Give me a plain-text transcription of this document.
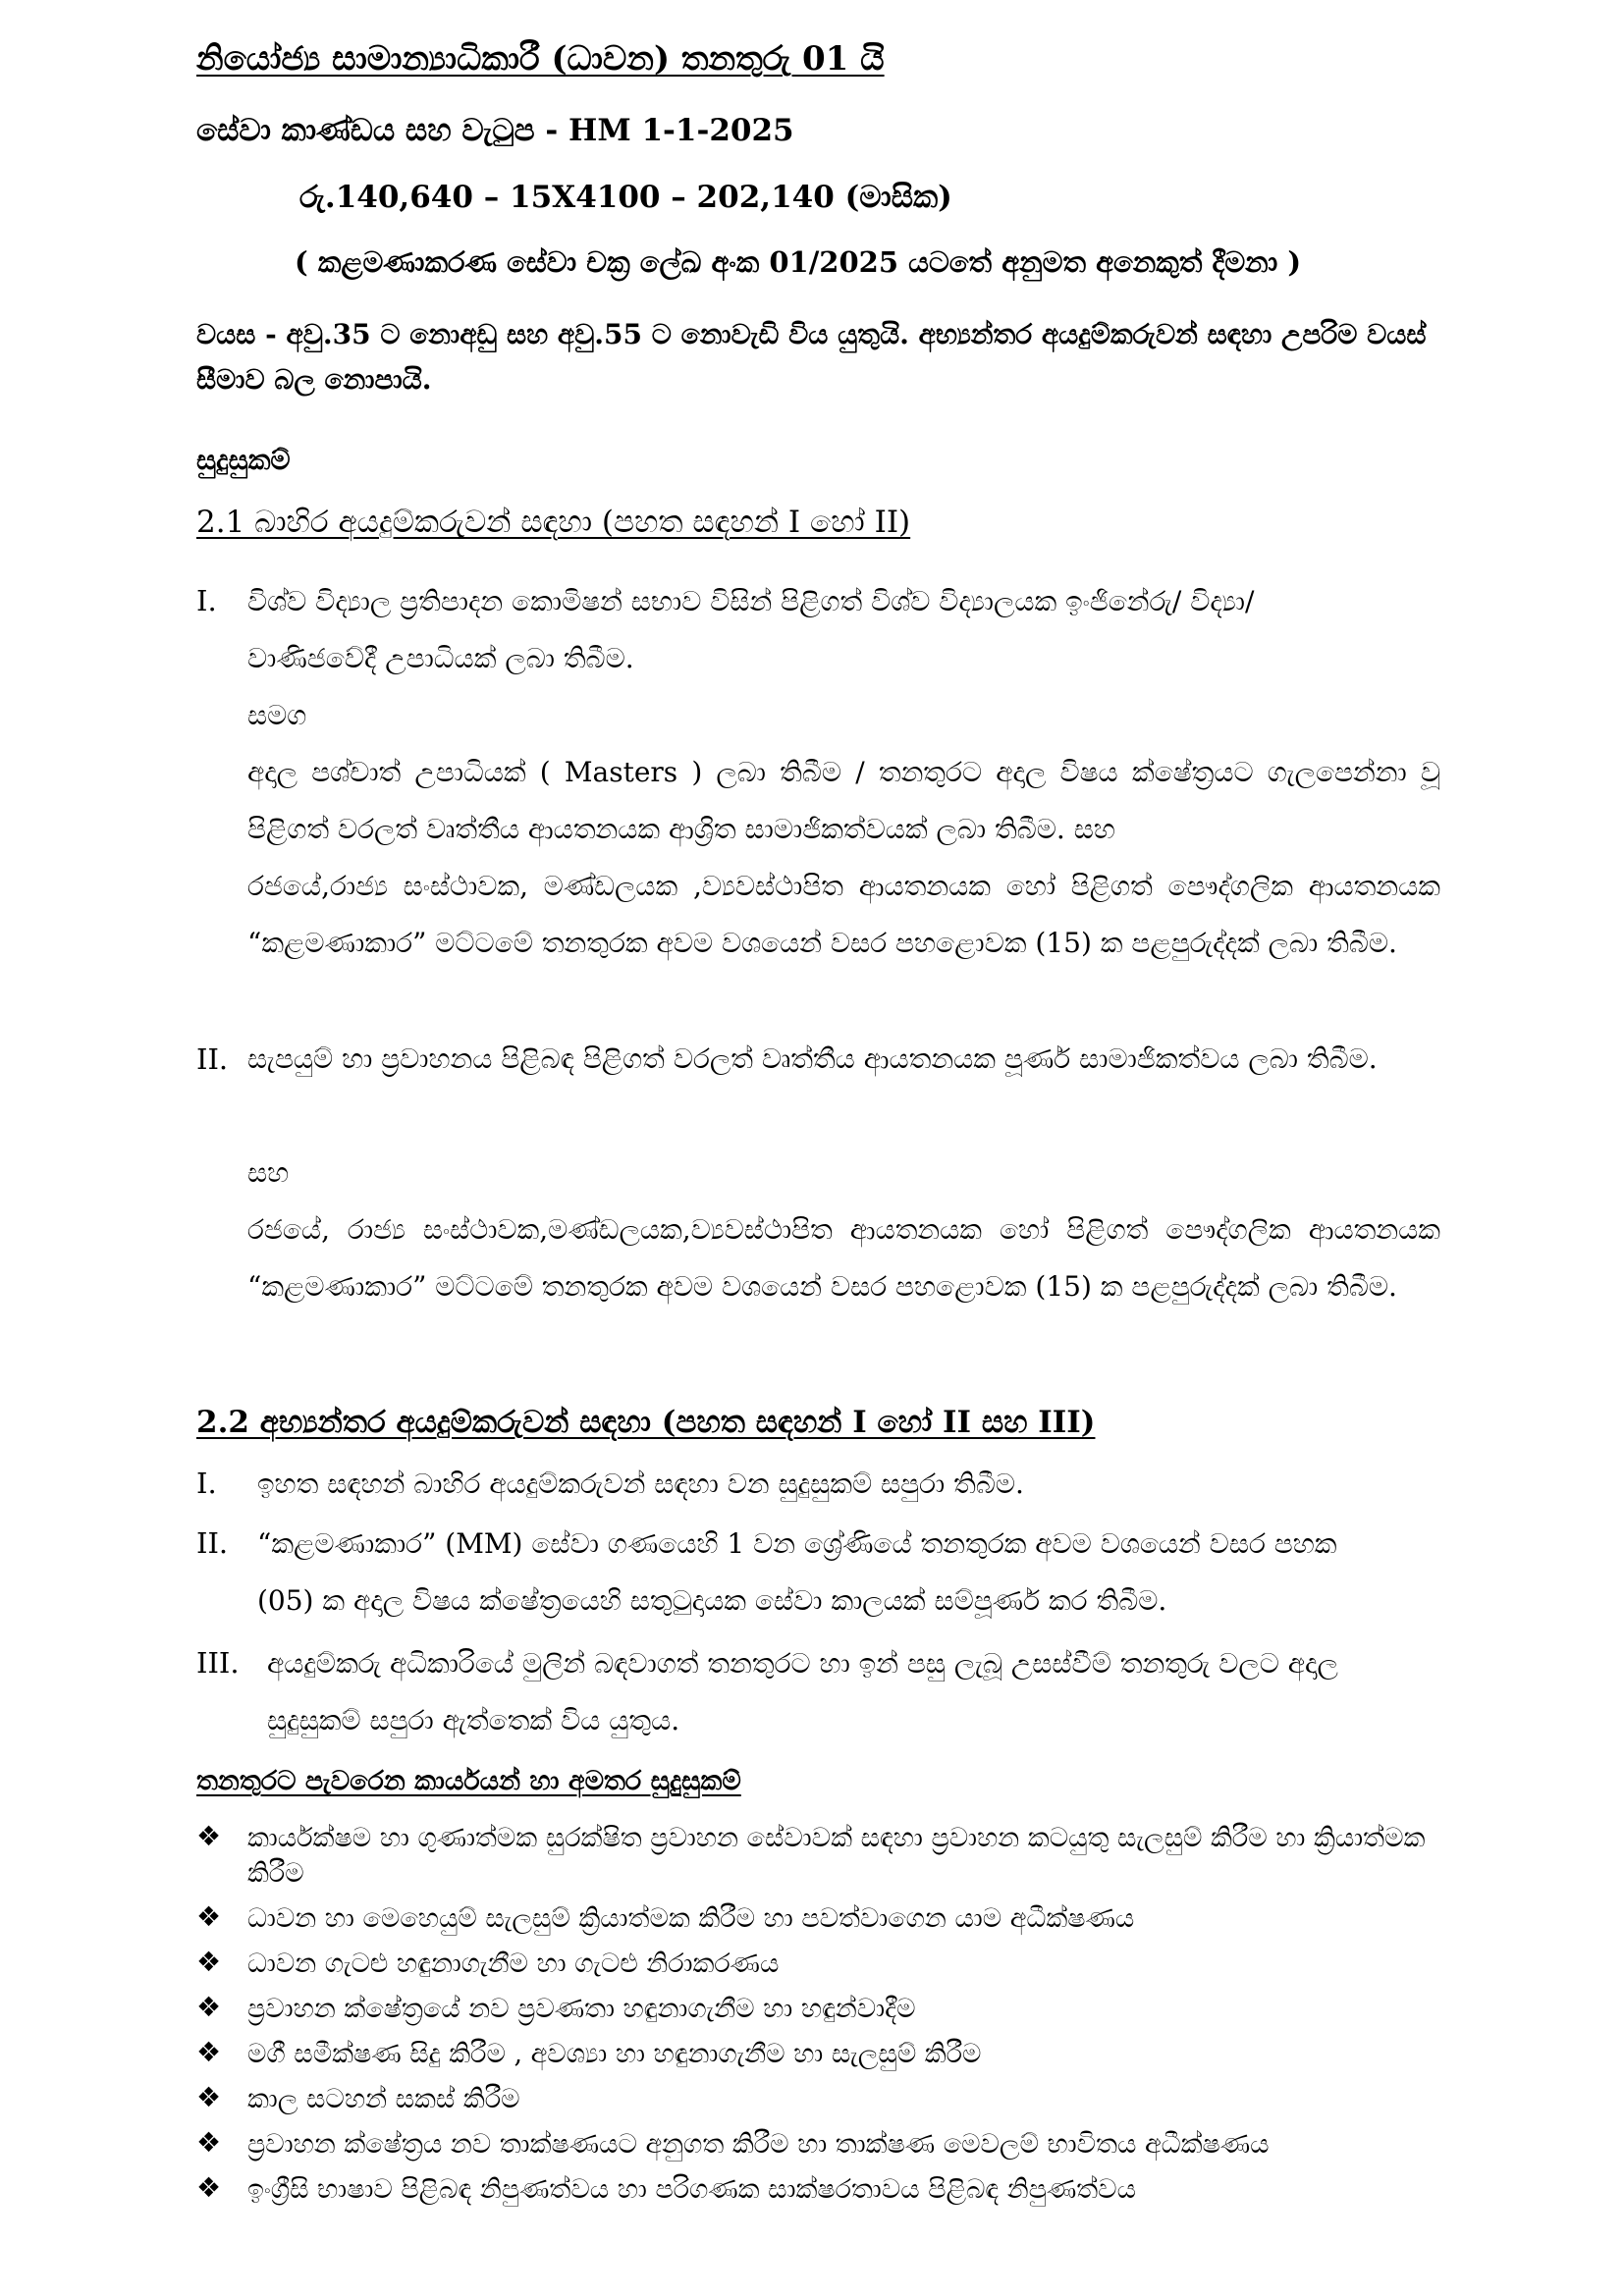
නියෝජ්‍ය සාමාන්‍යාධිකාරී (ධාවන) තනතුරු 01 යි
සේවා කාණ්ඩය සහ වැටුප - HM 1-1-2025
රු.140,640 – 15X4100 – 202,140 (මාසික)
( කළමණාකරණ සේවා චක්‍ර ලේඛ අංක 01/2025 යටතේ අනුමත අනෙකුත් දීමනා )
වයස - අවු.35 ට නොඅඩු සහ අවු.55 ට නොවැඩි විය යුතුයි. අභ්‍යන්තර අයදුම්කරුවන් සඳහා උපරිම වයස් සීමාව බල නොපායි.
සුදුසුකම්
2.1 බාහිර අයදුම්කරුවන් සඳහා (පහත සඳහන් I හෝ II)
I. විශ්ව විද්‍යාල ප්‍රතිපාදන කොමිෂන් සභාව විසින් පිළිගත් විශ්ව විද්‍යාලයක ඉංජිනේරු/ විද්‍යා/
වාණිජවේදී උපාධියක් ලබා තිබීම.
සමග
අදාල පශ්චාත් උපාධියක් ( Masters ) ලබා තිබීම / තනතුරට අදාල විෂය ක්ෂේත්‍රයට ගැලපෙන්නා වූ පිළිගත් වරලත් වෘත්තීය ආයතනයක ආශ්‍රිත සාමාජිකත්වයක් ලබා තිබීම. සහ
රජයේ,රාජ්‍ය සංස්ථාවක, මණ්ඩලයක ,ව්‍යවස්ථාපිත ආයතනයක හෝ පිළිගත් පෞද්ගලික ආයතනයක “කළමණාකාර” මට්ටමේ තනතුරක අවම වශයෙන් වසර පහළොවක (15) ක පළපුරුද්දක් ලබා තිබීම.
II. සැපයුම් හා ප්‍රවාහනය පිළිබඳ පිළිගත් වරලත් වෘත්තීය ආයතනයක පූර්ණ සාමාජිකත්වය ලබා තිබීම.
සහ
රජයේ, රාජ්‍ය සංස්ථාවක,මණ්ඩලයක,ව්‍යවස්ථාපිත ආයතනයක හෝ පිළිගත් පෞද්ගලික ආයතනයක “කළමණාකාර” මට්ටමේ තනතුරක අවම වශයෙන් වසර පහළොවක (15) ක පළපුරුද්දක් ලබා තිබීම.
2.2 අභ්‍යන්තර අයදුම්කරුවන් සඳහා (පහත සඳහන් I හෝ II සහ III)
I. ඉහත සඳහන් බාහිර අයදුම්කරුවන් සඳහා වන සුදුසුකම් සපුරා තිබීම.
II. “කළමණාකාර” (MM) සේවා ගණයෙහි 1 වන ශ්‍රේණියේ තනතුරක අවම වශයෙන් වසර පහක
(05) ක අදාල විෂය ක්ෂේත්‍රයෙහි සතුටුදායක සේවා කාලයක් සම්පූර්ණ කර තිබීම.
III. අයදුම්කරු අධිකාරියේ මුලින් බඳවාගත් තනතුරට හා ඉන් පසු ලැබූ උසස්වීම් තනතුරු වලට අදාල
සුදුසුකම් සපුරා ඇත්තෙක් විය යුතුය.
තනතුරට පැවරෙන කාර්යයන් හා අමතර සුදුසුකම්
❖ කාර්යක්ෂම හා ගුණාත්මක සුරක්ෂිත ප්‍රවාහන සේවාවක් සඳහා ප්‍රවාහන කටයුතු සැලසුම් කිරීම හා ක්‍රියාත්මක කිරීම
❖ ධාවන හා මෙහෙයුම් සැලසුම් ක්‍රියාත්මක කිරීම හා පවත්වාගෙන යාම අධීක්ෂණය
❖ ධාවන ගැටළු හඳුනාගැනීම හා ගැටළු නිරාකරණය
❖ ප්‍රවාහන ක්ෂේත්‍රයේ නව ප්‍රවණතා හඳුනාගැනීම හා හඳුන්වාදීම
❖ මගී සමීක්ෂණ සිදු කිරීම , අවශ්‍යා හා හඳුනාගැනීම හා සැලසුම් කිරීම
❖ කාල සටහන් සකස් කිරීම
❖ ප්‍රවාහන ක්ෂේත්‍රය නව තාක්ෂණයට අනුගත කිරීම හා තාක්ෂණ මෙවලම් භාවිතය අධීක්ෂණය
❖ ඉංග්‍රීසි භාෂාව පිළිබඳ නිපුණත්වය හා පරිගණක සාක්ෂරතාවය පිළිබඳ නිපුණත්වය
